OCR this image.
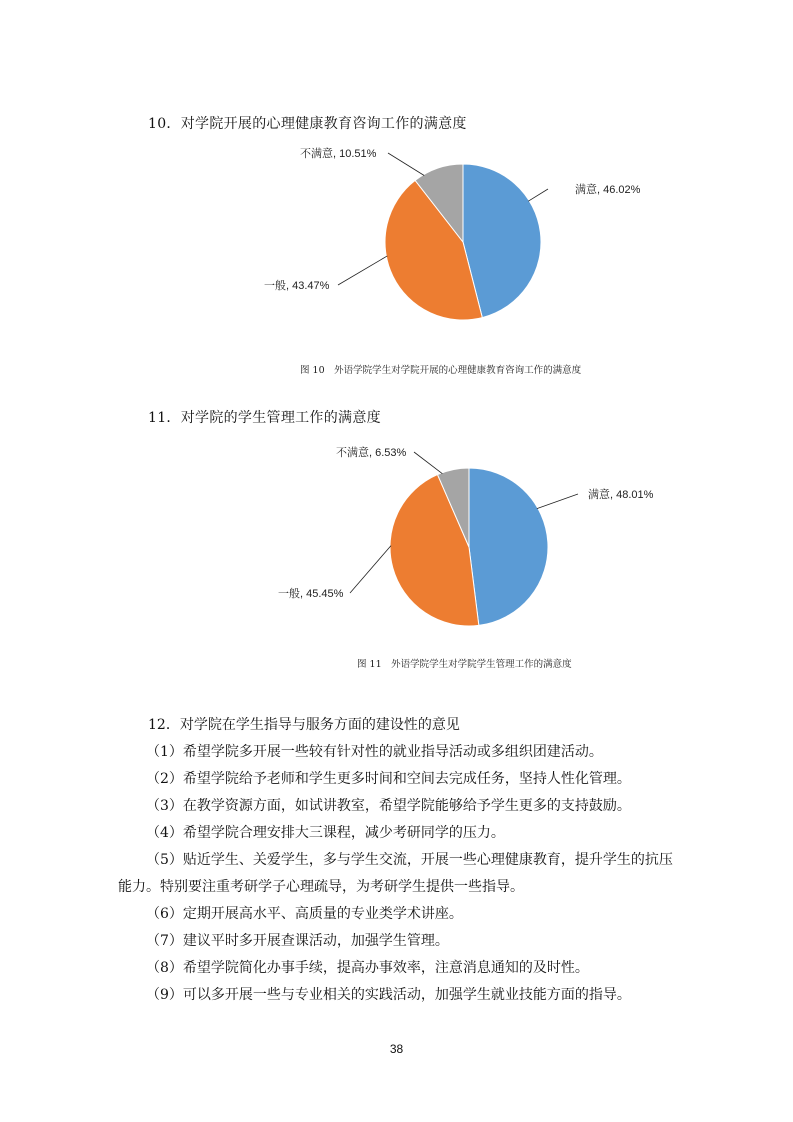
10．对学院开展的心理健康教育咨询工作的满意度
满意, 46.02%
一般, 43.47%
不满意, 10.51%
图 10　外语学院学生对学院开展的心理健康教育咨询工作的满意度
11．对学院的学生管理工作的满意度
满意, 48.01%
一般, 45.45%
不满意, 6.53%
图 11　外语学院学生对学院学生管理工作的满意度

12．对学院在学生指导与服务方面的建设性的意见

（1）希望学院多开展一些较有针对性的就业指导活动或多组织团建活动。

（2）希望学院给予老师和学生更多时间和空间去完成任务，坚持人性化管理。

（3）在教学资源方面，如试讲教室，希望学院能够给予学生更多的支持鼓励。

（4）希望学院合理安排大三课程，减少考研同学的压力。

（5）贴近学生、关爱学生，多与学生交流，开展一些心理健康教育，提升学生的抗压能力。特别要注重考研学子心理疏导，为考研学生提供一些指导。

（6）定期开展高水平、高质量的专业类学术讲座。

（7）建议平时多开展查课活动，加强学生管理。

（8）希望学院简化办事手续，提高办事效率，注意消息通知的及时性。

（9）可以多开展一些与专业相关的实践活动，加强学生就业技能方面的指导。

38
